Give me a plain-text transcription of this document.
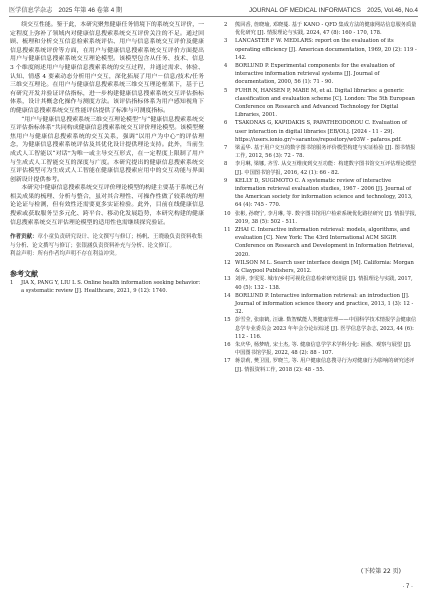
医学信息学杂志　2025 年第 46 卷第 4 期	JOURNAL OF MEDICAL INFORMATICS　2025, Vol.46, No.4

续交互性能。鉴于此，本研究聚焦健康任务情境下的系统交互评价，一定程度上弥补了领域内对健康信息搜索系统交互评价关注的不足。通过回顾、梳理和分析交互信息检索系统评估、用户与信息系统交互评价及健康信息搜索系统评价等方面，在用户与健康信息搜索系统交互评价方面提出用户与健康信息搜索系统交互理论模型。该模型包含从任务、技术、信息 3 个维度阐述用户与健康信息搜索系统的交互过程，并通过需求、体验、认知、情感 4 要素动态分析用户交互，深化拓展了用户－信息/技术/任务三维交互理论。在用户与健康信息搜索系统三维交互理论框架下，基于已有研究开发并验证评估指标，进一步构建健康信息搜索系统交互评估指标体系，设计其概念化操作与测度方法。该评估指标体系为用户感知视角下的健康信息搜索系统交互性能评估提供了标准与可测度指标。

“用户与健康信息搜索系统三维交互理论模型”与“健康信息搜索系统交互评估指标体系”共同构成健康信息搜索系统交互评价理论模型。该模型聚焦用户与健康信息搜索系统的交互关系，强调“以用户为中心”的评估理念，为健康信息搜索系统评估及其优化设计提供理论支持。此外，当前生成式人工智能以“对话”为唯一或主导交互形式，在一定程度上限制了用户与生成式人工智能交互的深度与广度。本研究提出的健康信息搜索系统交互评估模型可为生成式人工智能在健康信息搜索应用中的交互功能与界面创新设计提供参考。

本研究中健康信息搜索系统交互评价理论模型的构建主要基于系统已有相关成果的梳理、分析与整合，虽对其合理性、可操作性做了较系统的理论论证与检测，但有效性还需要更多实证检验。此外，目前在线健康信息搜索或获取服务呈多元化、跨平台、移动化发展趋势，本研究构建的健康信息搜索系统交互评估理论模型的适用性也需继续探究验证。

作者贡献：章小童负责研究设计、论文撰写与修订；杨帆、王晓璇负责资料收集与分析、论文撰写与修订；张银涵负责资料补充与分析、论文修订。
利益声明：所有作者均声明不存在利益冲突。
参考文献
1	JIA X, PANG Y, LIU L S. Online health information seeking behavior: a systematic review [J]. Healthcare, 2021, 9 (12): 1740.
2	熊回香, 詹晓瑜, 邓晓蔓. 基于 KANO - QFD 集成方法的健康网站信息服务质量优化研究 [J]. 情报理论与实践, 2024, 47 (8): 160 - 170, 178.
3	LANCASTER F W. MEDLARS: report on the evaluation of its operating efficiency [J]. American documentation, 1969, 20 (2): 119 - 142.
4	BORLUND P. Experimental components for the evaluation of interactive information retrieval systems [J]. Journal of documentation, 2000, 56 (1): 71 - 90.
5	FUHR N, HANSEN P, MABE M, et al. Digital libraries: a generic classification and evaluation scheme [C]. London: The 5th European Conference on Research and Advanced Technology for Digital Libraries, 2001.
6	TSAKONAS G, KAPIDAKIS S, PAPATHEODOROU C. Evaluation of user interaction in digital libraries [EB/OL]. [2024 - 11 - 29]. https://users.ionio.gr/~sarantos/repository/w03W - pafaros.pdf.
7	梁孟华. 基于用户交互的数字图书馆服务评价模型构建与实证检验 [J]. 图书情报工作, 2012, 56 (3): 72 - 78.
8	李月琳, 梁娜, 齐雪. 从交互维度到交互功能：构建数字图书馆交互评估理论模型 [J]. 中国图书馆学报, 2016, 42 (1): 66 - 82.
9	KELLY D, SUGIMOTO C. A systematic review of interactive information retrieval evaluation studies, 1967 - 2006 [J]. Journal of the American society for information science and technology, 2013, 64 (4): 745 - 770.
10 张彬, 孙晓宁, 李月琳, 等. 数字图书馆用户检索系统优化路径研究 [J]. 情报学报, 2019, 38 (5): 502 - 511.
11 ZHAI C. Interactive information retrieval: models, algorithms, and evaluation [C]. New York: The 43rd International ACM SIGIR Conference on Research and Development in Information Retrieval, 2020.
12 WILSON M L. Search user interface design [M]. California: Morgan & Claypool Publishers, 2012.
13 刘萍, 李雯雯. 城市/乡村可视化信息检索研究进展 [J]. 情报理论与实践, 2017, 40 (5): 132 - 138.
14 BORLUND P. Interactive information retrieval: an introduction [J]. Journal of information science theory and practice, 2013, 1 (3): 12 - 32.
15 彭雪莹, 张康鹤, 汪谦. 数智赋能人类健康管理——中国科学技术情报学会健康信息学专业委员会 2023 年年会分论坛综述 [J]. 医学信息学杂志, 2023, 44 (6): 112 - 116.
16 朱庆华, 杨梦晴, 宋士杰, 等. 健康信息学学术学科分化: 困惑、观察与展望 [J]. 中国图书馆学报, 2022, 48 (2): 88 - 107.
17 蒋景莉, 樊卫国, 罗晓兰, 等. 用户健康信息搜寻行为对健康行为影响的研究述评 [J]. 情报资料工作, 2018 (2): 48 - 55.
(下转第 22 页)
· 7 ·
